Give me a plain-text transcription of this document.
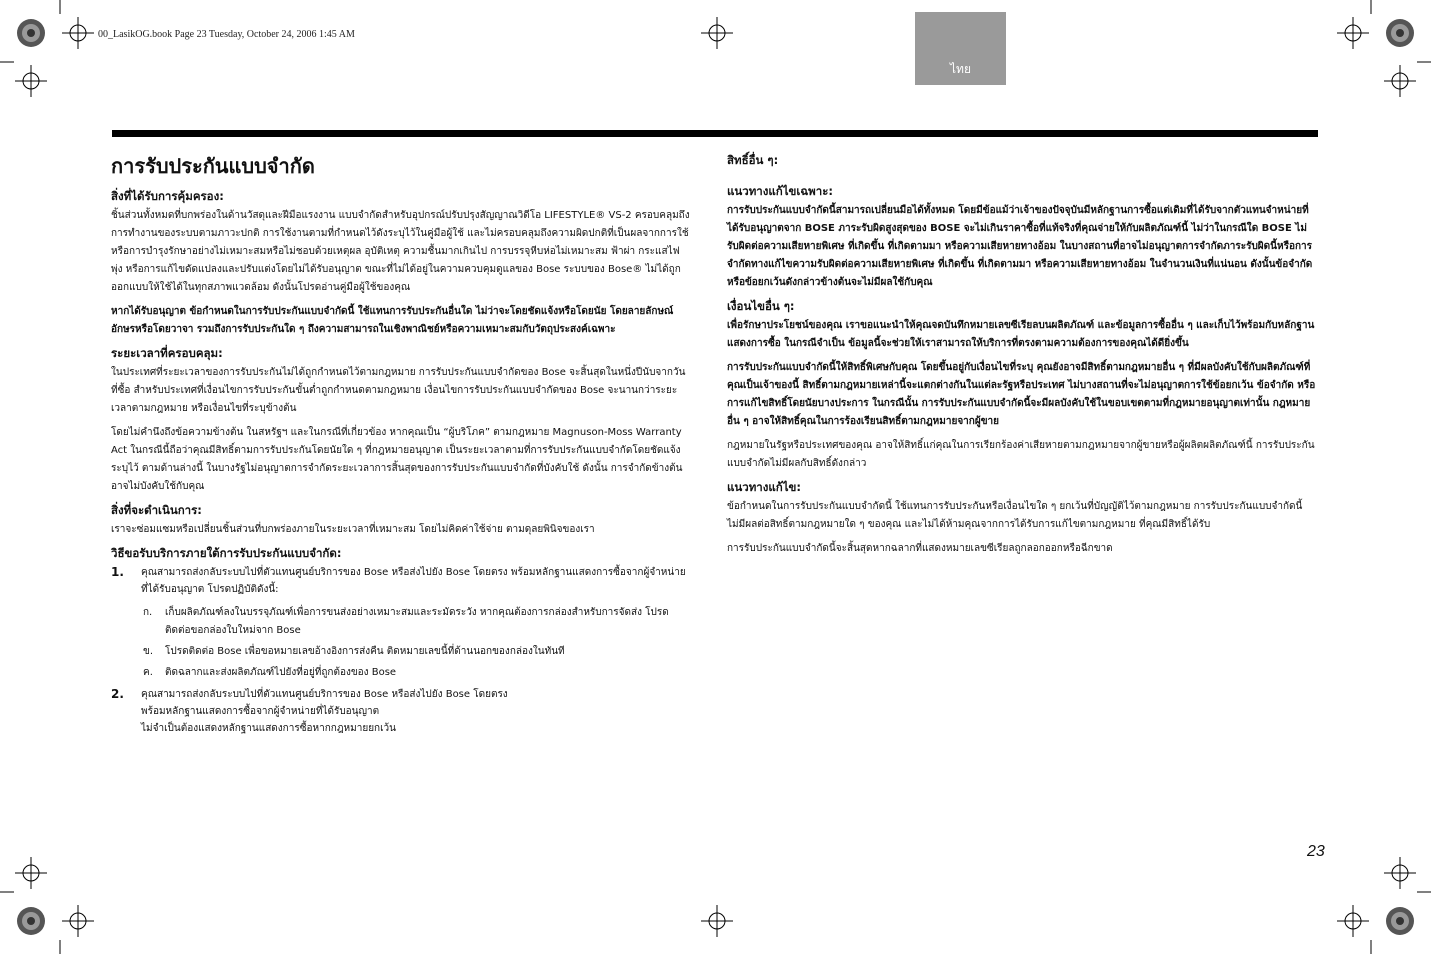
00_LasikOG.book Page 23 Tuesday, October 24, 2006 1:45 AM
ไทย
การรับประกันแบบจำกัด
สิ่งที่ได้รับการคุ้มครอง:

ชิ้นส่วนทั้งหมดที่บกพร่องในด้านวัสดุและฝีมือแรงงาน แบบจำกัดสำหรับอุปกรณ์ปรับปรุงสัญญาณวิดีโอ LIFESTYLE® VS-2 ครอบคลุมถึงการทำงานของระบบตามภาวะปกติ การใช้งานตามที่กำหนดไว้ดังระบุไว้ในคู่มือผู้ใช้ และไม่ครอบคลุมถึงความผิดปกติที่เป็นผลจากการใช้หรือการบำรุงรักษาอย่างไม่เหมาะสมหรือไม่ชอบด้วยเหตุผล อุบัติเหตุ ความชื้นมากเกินไป การบรรจุหีบห่อไม่เหมาะสม ฟ้าผ่า กระแสไฟพุ่ง หรือการแก้ไขดัดแปลงและปรับแต่งโดยไม่ได้รับอนุญาต ขณะที่ไม่ได้อยู่ในความควบคุมดูแลของ Bose ระบบของ Bose® ไม่ได้ถูกออกแบบให้ใช้ได้ในทุกสภาพแวดล้อม ดังนั้นโปรดอ่านคู่มือผู้ใช้ของคุณ

หากได้รับอนุญาต ข้อกำหนดในการรับประกันแบบจำกัดนี้ ใช้แทนการรับประกันอื่นใด ไม่ว่าจะโดยชัดแจ้งหรือโดยนัย โดยลายลักษณ์อักษรหรือโดยวาจา รวมถึงการรับประกันใด ๆ ถึงความสามารถในเชิงพาณิชย์หรือความเหมาะสมกับวัตถุประสงค์เฉพาะ

ระยะเวลาที่ครอบคลุม:

ในประเทศที่ระยะเวลาของการรับประกันไม่ได้ถูกกำหนดไว้ตามกฎหมาย การรับประกันแบบจำกัดของ Bose จะสิ้นสุดในหนึ่งปีนับจากวันที่ซื้อ สำหรับประเทศที่เงื่อนไขการรับประกันขั้นต่ำถูกกำหนดตามกฎหมาย เงื่อนไขการรับประกันแบบจำกัดของ Bose จะนานกว่าระยะเวลาตามกฎหมาย หรือเงื่อนไขที่ระบุข้างต้น

โดยไม่คำนึงถึงข้อความข้างต้น ในสหรัฐฯ และในกรณีที่เกี่ยวข้อง หากคุณเป็น “ผู้บริโภค” ตามกฎหมาย Magnuson-Moss Warranty Act ในกรณีนี้ถือว่าคุณมีสิทธิ์ตามการรับประกันโดยนัยใด ๆ ที่กฎหมายอนุญาต เป็นระยะเวลาตามที่การรับประกันแบบจำกัดโดยชัดแจ้งระบุไว้ ตามด้านล่างนี้ ในบางรัฐไม่อนุญาตการจำกัดระยะเวลาการสิ้นสุดของการรับประกันแบบจำกัดที่บังคับใช้ ดังนั้น การจำกัดข้างต้นอาจไม่บังคับใช้กับคุณ

สิ่งที่จะดำเนินการ:

เราจะซ่อมแซมหรือเปลี่ยนชิ้นส่วนที่บกพร่องภายในระยะเวลาที่เหมาะสม โดยไม่คิดค่าใช้จ่าย ตามดุลยพินิจของเรา

วิธีขอรับบริการภายใต้การรับประกันแบบจำกัด:
1. คุณสามารถส่งกลับระบบไปที่ตัวแทนศูนย์บริการของ Bose หรือส่งไปยัง Bose โดยตรง พร้อมหลักฐานแสดงการซื้อจากผู้จำหน่ายที่ได้รับอนุญาต โปรดปฏิบัติดังนี้:
ก. เก็บผลิตภัณฑ์ลงในบรรจุภัณฑ์เพื่อการขนส่งอย่างเหมาะสมและระมัดระวัง หากคุณต้องการกล่องสำหรับการจัดส่ง โปรดติดต่อขอกล่องใบใหม่จาก Bose
ข. โปรดติดต่อ Bose เพื่อขอหมายเลขอ้างอิงการส่งคืน ติดหมายเลขนี้ที่ด้านนอกของกล่องในทันที
ค. ติดฉลากและส่งผลิตภัณฑ์ไปยังที่อยู่ที่ถูกต้องของ Bose
2. คุณสามารถส่งกลับระบบไปที่ตัวแทนศูนย์บริการของ Bose หรือส่งไปยัง Bose โดยตรง
พร้อมหลักฐานแสดงการซื้อจากผู้จำหน่ายที่ได้รับอนุญาต
ไม่จำเป็นต้องแสดงหลักฐานแสดงการซื้อหากกฎหมายยกเว้น
สิทธิ์อื่น ๆ:
แนวทางแก้ไขเฉพาะ:

การรับประกันแบบจำกัดนี้สามารถเปลี่ยนมือได้ทั้งหมด โดยมีข้อแม้ว่าเจ้าของปัจจุบันมีหลักฐานการซื้อแต่เดิมที่ได้รับจากตัวแทนจำหน่ายที่ได้รับอนุญาตจาก BOSE ภาระรับผิดสูงสุดของ BOSE จะไม่เกินราคาซื้อที่แท้จริงที่คุณจ่ายให้กับผลิตภัณฑ์นี้ ไม่ว่าในกรณีใด BOSE ไม่รับผิดต่อความเสียหายพิเศษ ที่เกิดขึ้น ที่เกิดตามมา หรือความเสียหายทางอ้อม ในบางสถานที่อาจไม่อนุญาตการจำกัดภาระรับผิดนี้หรือการจำกัดทางแก้ไขความรับผิดต่อความเสียหายพิเศษ ที่เกิดขึ้น ที่เกิดตามมา หรือความเสียหายทางอ้อม ในจำนวนเงินที่แน่นอน ดังนั้นข้อจำกัดหรือข้อยกเว้นดังกล่าวข้างต้นจะไม่มีผลใช้กับคุณ

เงื่อนไขอื่น ๆ:

เพื่อรักษาประโยชน์ของคุณ เราขอแนะนำให้คุณจดบันทึกหมายเลขซีเรียลบนผลิตภัณฑ์ และข้อมูลการซื้ออื่น ๆ และเก็บไว้พร้อมกับหลักฐานแสดงการซื้อ ในกรณีจำเป็น ข้อมูลนี้จะช่วยให้เราสามารถให้บริการที่ตรงตามความต้องการของคุณได้ดียิ่งขึ้น

การรับประกันแบบจำกัดนี้ให้สิทธิ์พิเศษกับคุณ โดยขึ้นอยู่กับเงื่อนไขที่ระบุ คุณยังอาจมีสิทธิ์ตามกฎหมายอื่น ๆ ที่มีผลบังคับใช้กับผลิตภัณฑ์ที่คุณเป็นเจ้าของนี้ สิทธิ์ตามกฎหมายเหล่านี้จะแตกต่างกันในแต่ละรัฐหรือประเทศ ไม่บางสถานที่จะไม่อนุญาตการใช้ข้อยกเว้น ข้อจำกัด หรือการแก้ไขสิทธิ์โดยนัยบางประการ ในกรณีนั้น การรับประกันแบบจำกัดนี้จะมีผลบังคับใช้ในขอบเขตตามที่กฎหมายอนุญาตเท่านั้น กฎหมายอื่น ๆ อาจให้สิทธิ์คุณในการร้องเรียนสิทธิ์ตามกฎหมายจากผู้ขาย

กฎหมายในรัฐหรือประเทศของคุณ อาจให้สิทธิ์แก่คุณในการเรียกร้องค่าเสียหายตามกฎหมายจากผู้ขายหรือผู้ผลิตผลิตภัณฑ์นี้ การรับประกันแบบจำกัดไม่มีผลกับสิทธิ์ดังกล่าว

แนวทางแก้ไข:

ข้อกำหนดในการรับประกันแบบจำกัดนี้ ใช้แทนการรับประกันหรือเงื่อนไขใด ๆ ยกเว้นที่บัญญัติไว้ตามกฎหมาย การรับประกันแบบจำกัดนี้ไม่มีผลต่อสิทธิ์ตามกฎหมายใด ๆ ของคุณ และไม่ได้ห้ามคุณจากการได้รับการแก้ไขตามกฎหมาย ที่คุณมีสิทธิ์ได้รับ

การรับประกันแบบจำกัดนี้จะสิ้นสุดหากฉลากที่แสดงหมายเลขซีเรียลถูกลอกออกหรือฉีกขาด

23
